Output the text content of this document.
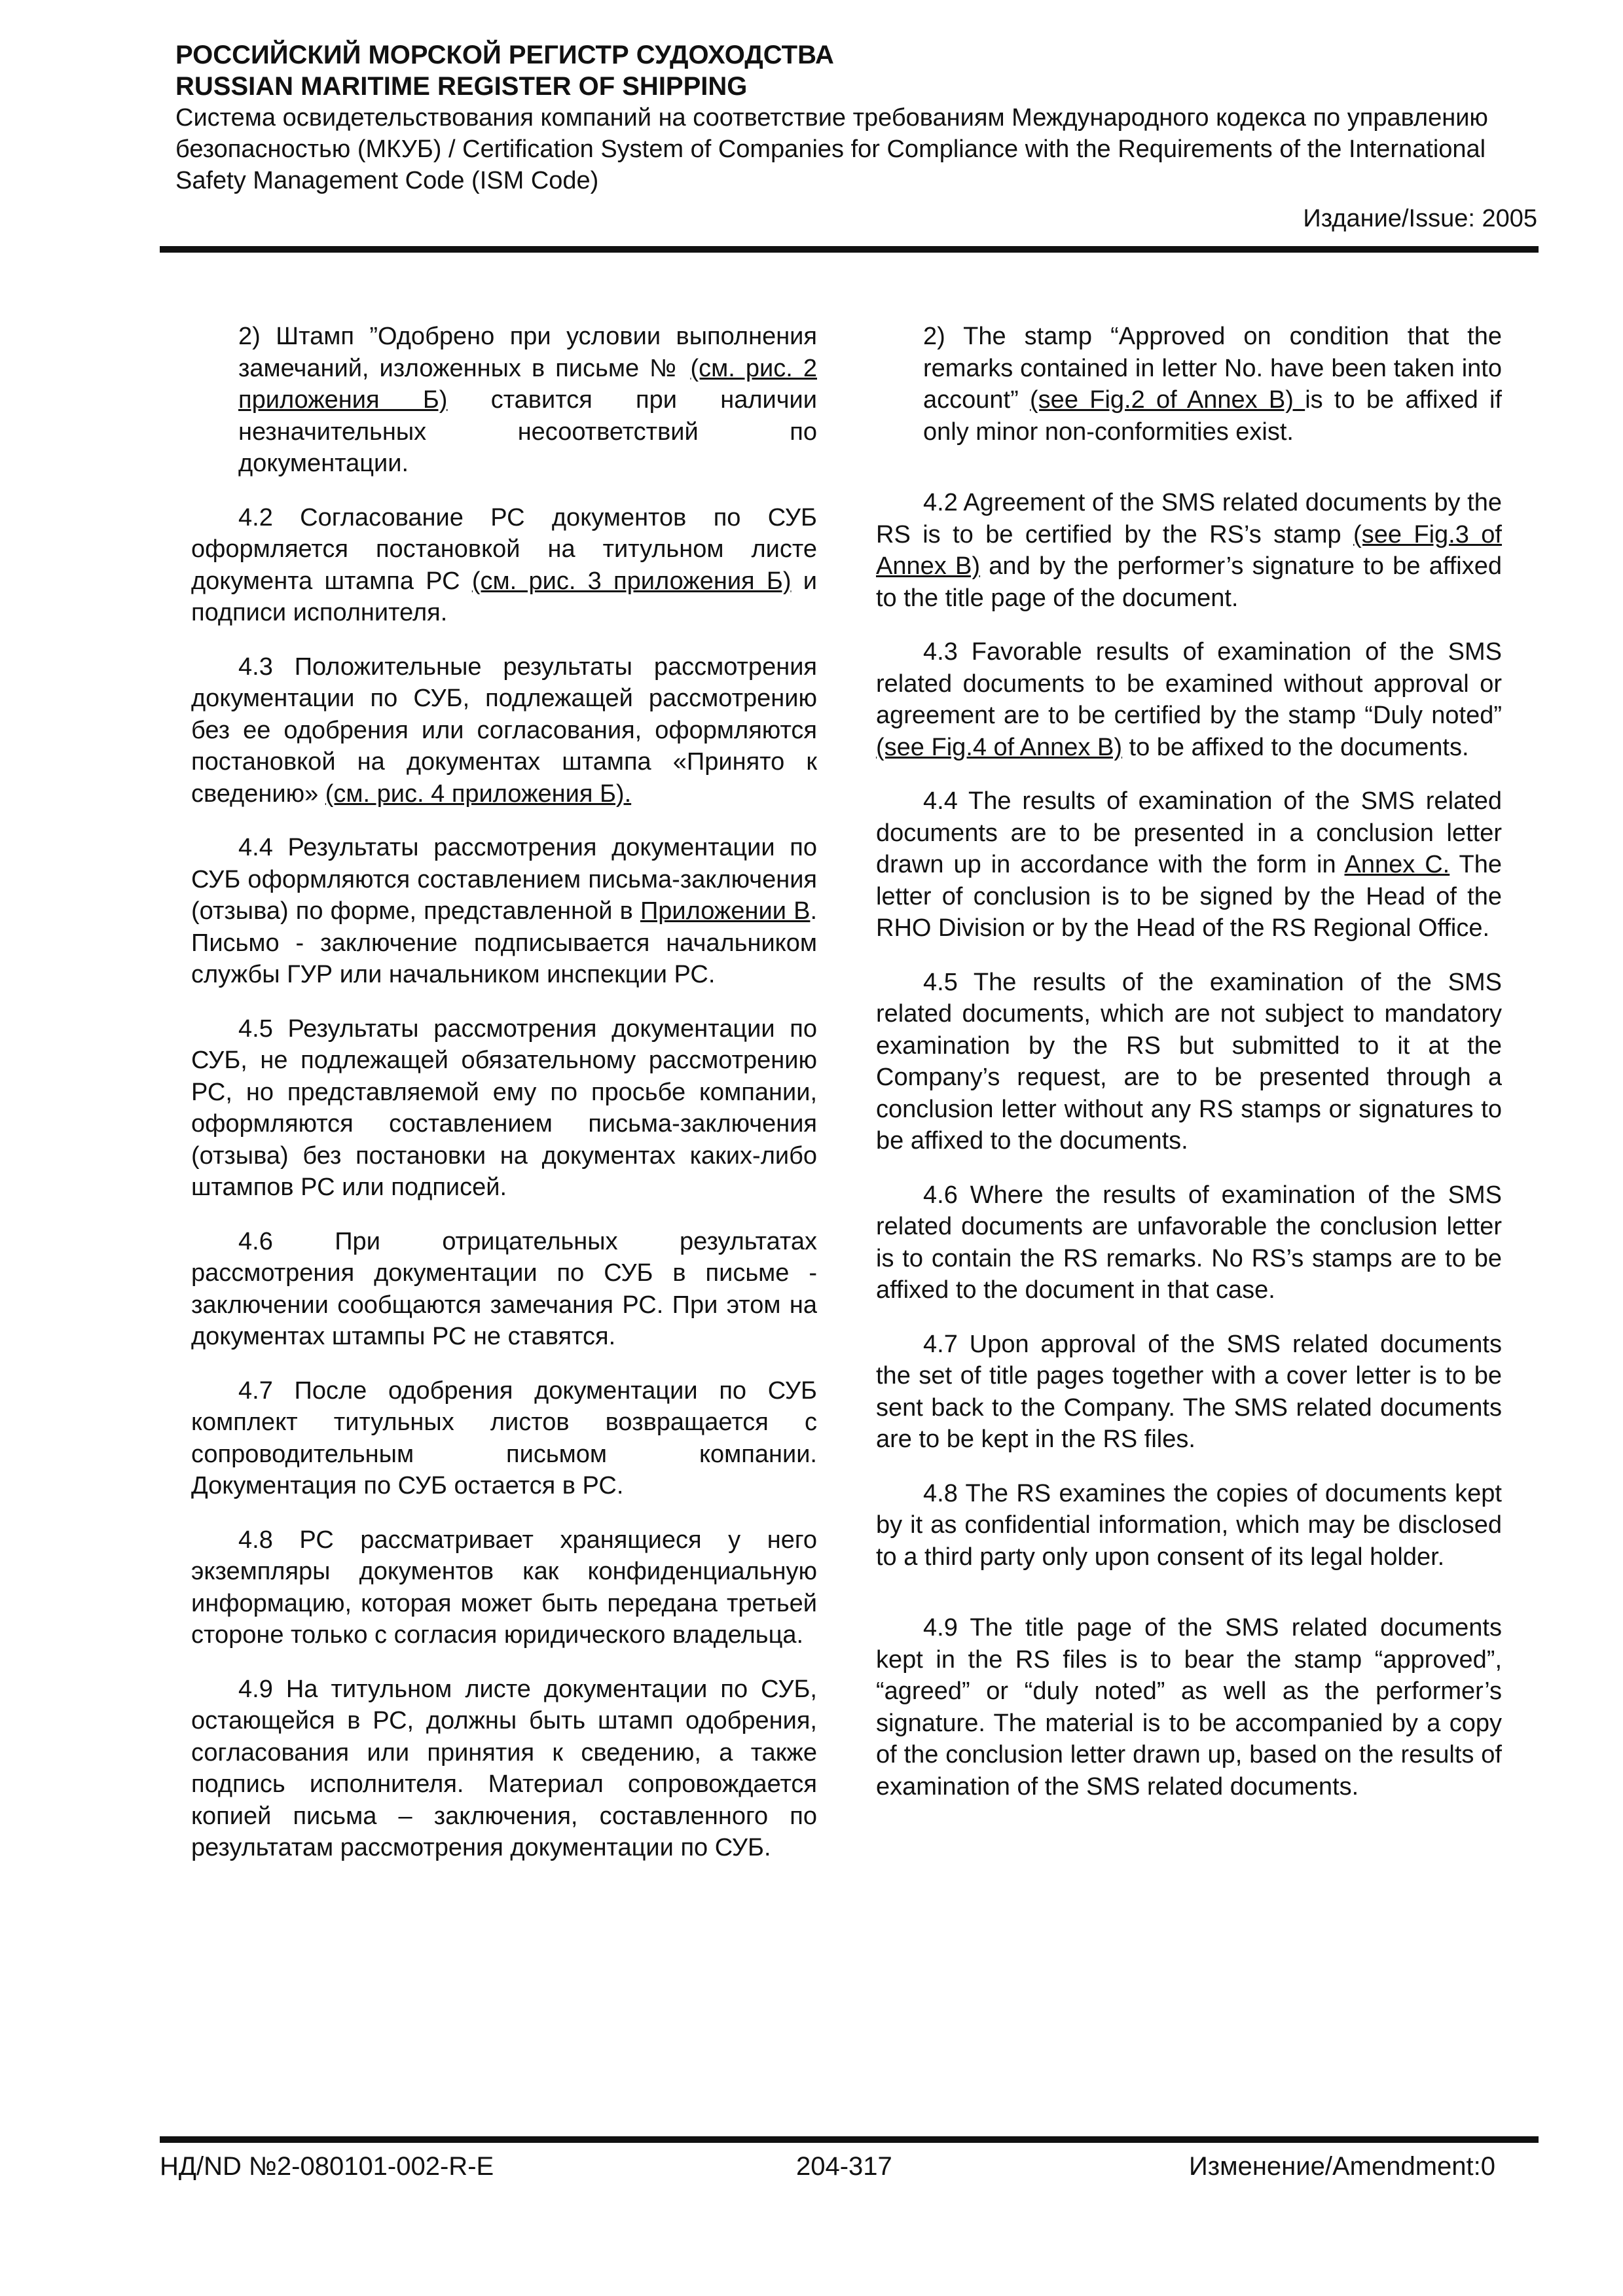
РОССИЙСКИЙ МОРСКОЙ РЕГИСТР СУДОХОДСТВА
RUSSIAN MARITIME REGISTER OF SHIPPING
Система освидетельствования компаний на соответствие требованиям Международного кодекса по управлению безопасностью (МКУБ) / Certification System of Companies for Compliance with the Requirements of the International Safety Management Code (ISM Code)
Издание/Issue: 2005

2) Штамп ”Одобрено при условии выполнения замечаний, изложенных в письме № (см. рис. 2 приложения Б) ставится при наличии незначительных несоответствий по документации.

4.2 Согласование РС документов по СУБ оформляется постановкой на титульном листе документа штампа РС (см. рис. 3 приложения Б) и подписи исполнителя.

4.3 Положительные результаты рассмотрения документации по СУБ, подлежащей рассмотрению без ее одобрения или согласования, оформляются постановкой на документах штампа «Принято к сведению» (см. рис. 4 приложения Б).

4.4 Результаты рассмотрения документации по СУБ оформляются составлением письма-заключения (отзыва) по форме, представленной в Приложении В. Письмо - заключение подписывается начальником службы ГУР или начальником инспекции РС.

4.5 Результаты рассмотрения документации по СУБ, не подлежащей обязательному рассмотрению РС, но представляемой ему по просьбе компании, оформляются составлением письма-заключения (отзыва) без постановки на документах каких-либо штампов РС или подписей.

4.6 При отрицательных результатах рассмотрения документации по СУБ в письме - заключении сообщаются замечания РС. При этом на документах штампы РС не ставятся.

4.7 После одобрения документации по СУБ комплект титульных листов возвращается с сопроводительным письмом компании. Документация по СУБ остается в РС.

4.8 РС рассматривает хранящиеся у него экземпляры документов как конфиденциальную информацию, которая может быть передана третьей стороне только с согласия юридического владельца.

4.9 На титульном листе документации по СУБ, остающейся в РС, должны быть штамп одобрения, согласования или принятия к сведению, а также подпись исполнителя. Материал сопровождается копией письма – заключения, составленного по результатам рассмотрения документации по СУБ.

2) The stamp “Approved on condition that the remarks contained in letter No. have been taken into account” (see Fig.2 of Annex B) is to be affixed if only minor non-conformities exist.

4.2 Agreement of the SMS related documents by the RS is to be certified by the RS’s stamp (see Fig.3 of Annex B) and by the performer’s signature to be affixed to the title page of the document.

4.3 Favorable results of examination of the SMS related documents to be examined without approval or agreement are to be certified by the stamp “Duly noted” (see Fig.4 of Annex B) to be affixed to the documents.

4.4 The results of examination of the SMS related documents are to be presented in a conclusion letter drawn up in accordance with the form in Annex C. The letter of conclusion is to be signed by the Head of the RHO Division or by the Head of the RS Regional Office.

4.5 The results of the examination of the SMS related documents, which are not subject to mandatory examination by the RS but submitted to it at the Company’s request, are to be presented through a conclusion letter without any RS stamps or signatures to be affixed to the documents.

4.6 Where the results of examination of the SMS related documents are unfavorable the conclusion letter is to contain the RS remarks. No RS’s stamps are to be affixed to the document in that case.

4.7 Upon approval of the SMS related documents the set of title pages together with a cover letter is to be sent back to the Company. The SMS related documents are to be kept in the RS files.

4.8 The RS examines the copies of documents kept by it as confidential information, which may be disclosed to a third party only upon consent of its legal holder.

4.9 The title page of the SMS related documents kept in the RS files is to bear the stamp “approved”, “agreed” or “duly noted” as well as the performer’s signature. The material is to be accompanied by a copy of the conclusion letter drawn up, based on the results of examination of the SMS related documents.

НД/ND №2-080101-002-R-E	204-317	Изменение/Amendment:0
